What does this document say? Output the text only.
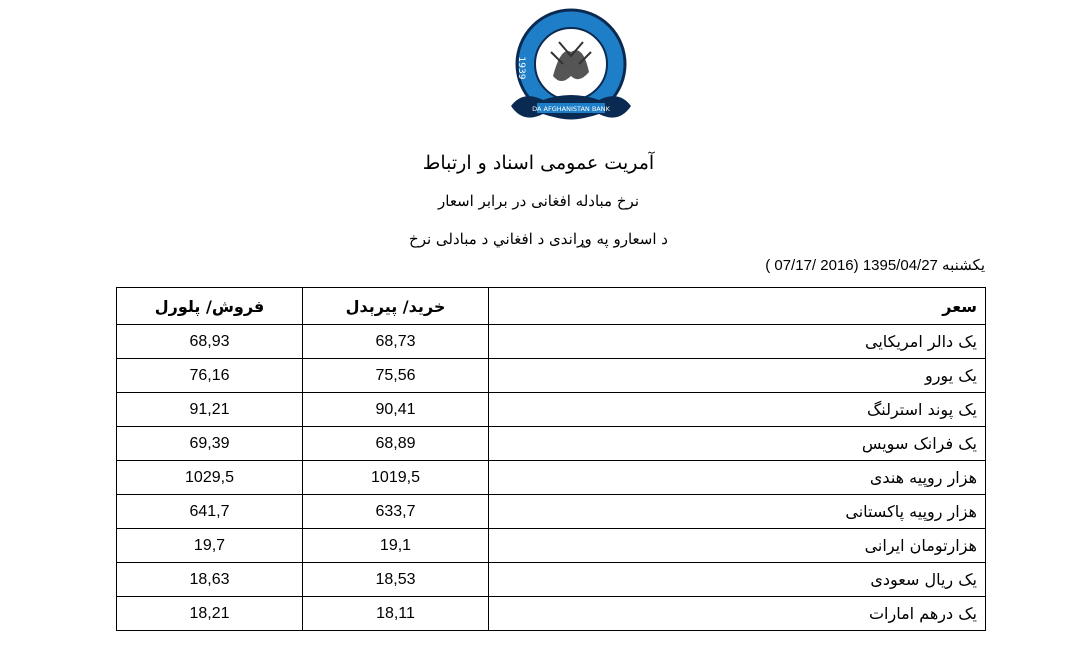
1939
DA AFGHANISTAN BANK
آمریت عمومی اسناد و ارتباط
نرخ مبادله افغانی در برابر اسعار
د اسعارو په وړاندی د افغاني د مبادلی نرخ
یکشنبه 1395/04/27 (2016 /07/17 )
فروش/ پلورل	خرید/ پیرېدل	سعر
68,93	68,73	یک دالر امریکایی
76,16	75,56	یک یورو
91,21	90,41	یک پوند استرلنگ
69,39	68,89	یک فرانک سویس
1029,5	1019,5	هزار روپیه هندی
641,7	633,7	هزار روپیه پاکستانی
19,7	19,1	هزارتومان ایرانی
18,63	18,53	یک ریال سعودی
18,21	18,11	یک درهم امارات
